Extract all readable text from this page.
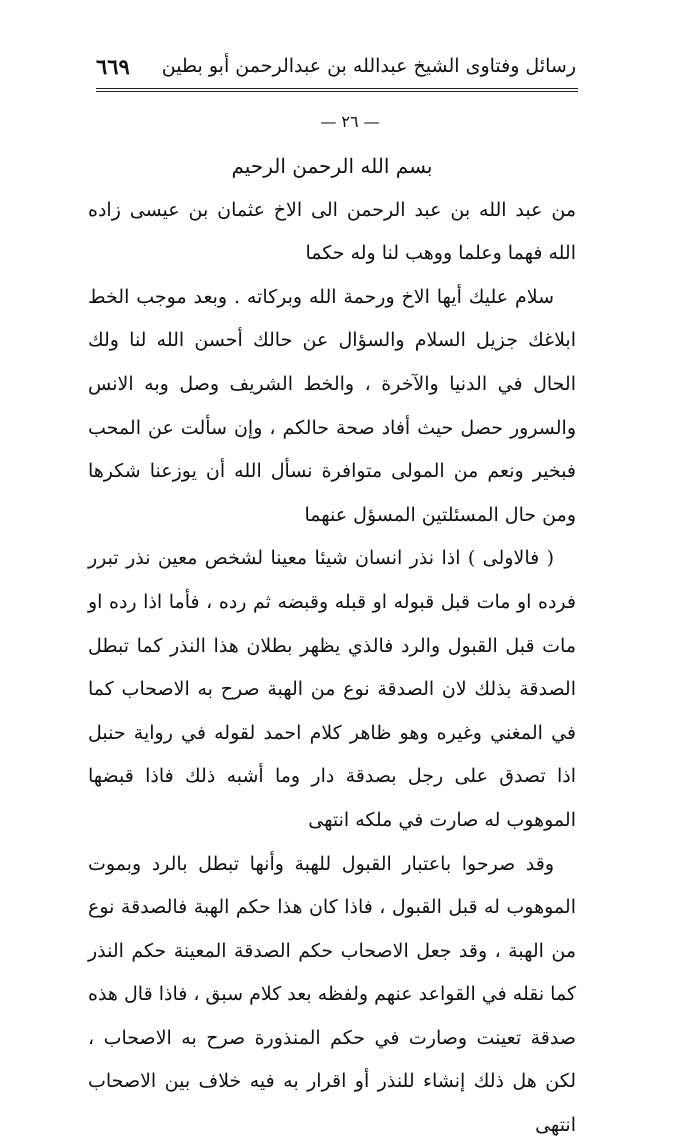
رسائل وفتاوى الشيخ عبدالله بن عبدالرحمن أبو بطين
٦٦٩
— ٢٦ —

بسم الله الرحمن الرحيم

من عبد الله بن عبد الرحمن الى الاخ عثمان بن عيسى زاده الله فهما وعلما ووهب لنا وله حكما

سلام عليك أيها الاخ ورحمة الله وبركاته . وبعد موجب الخط ابلاغك جزيل السلام والسؤال عن حالك أحسن الله لنا ولك الحال في الدنيا والآخرة ، والخط الشريف وصل وبه الانس والسرور حصل حيث أفاد صحة حالكم ، وإن سألت عن المحب فبخير ونعم من المولى متوافرة نسأل الله أن يوزعنا شكرها ومن حال المسئلتين المسؤل عنهما

( فالاولى ) اذا نذر انسان شيئا معينا لشخص معين نذر تبرر فرده او مات قبل قبوله او قبله وقبضه ثم رده ، فأما اذا رده او مات قبل القبول والرد فالذي يظهر بطلان هذا النذر كما تبطل الصدقة بذلك لان الصدقة نوع من الهبة صرح به الاصحاب كما في المغني وغيره وهو ظاهر كلام احمد لقوله في رواية حنبل اذا تصدق على رجل بصدقة دار وما أشبه ذلك فاذا قبضها الموهوب له صارت في ملكه انتهى

وقد صرحوا باعتبار القبول للهبة وأنها تبطل بالرد وبموت الموهوب له قبل القبول ، فاذا كان هذا حكم الهبة فالصدقة نوع من الهبة ، وقد جعل الاصحاب حكم الصدقة المعينة حكم النذر كما نقله في القواعد عنهم ولفظه بعد كلام سبق ، فاذا قال هذه صدقة تعينت وصارت في حكم المنذورة صرح به الاصحاب ، لكن هل ذلك إنشاء للنذر أو اقرار به فيه خلاف بين الاصحاب انتهى
